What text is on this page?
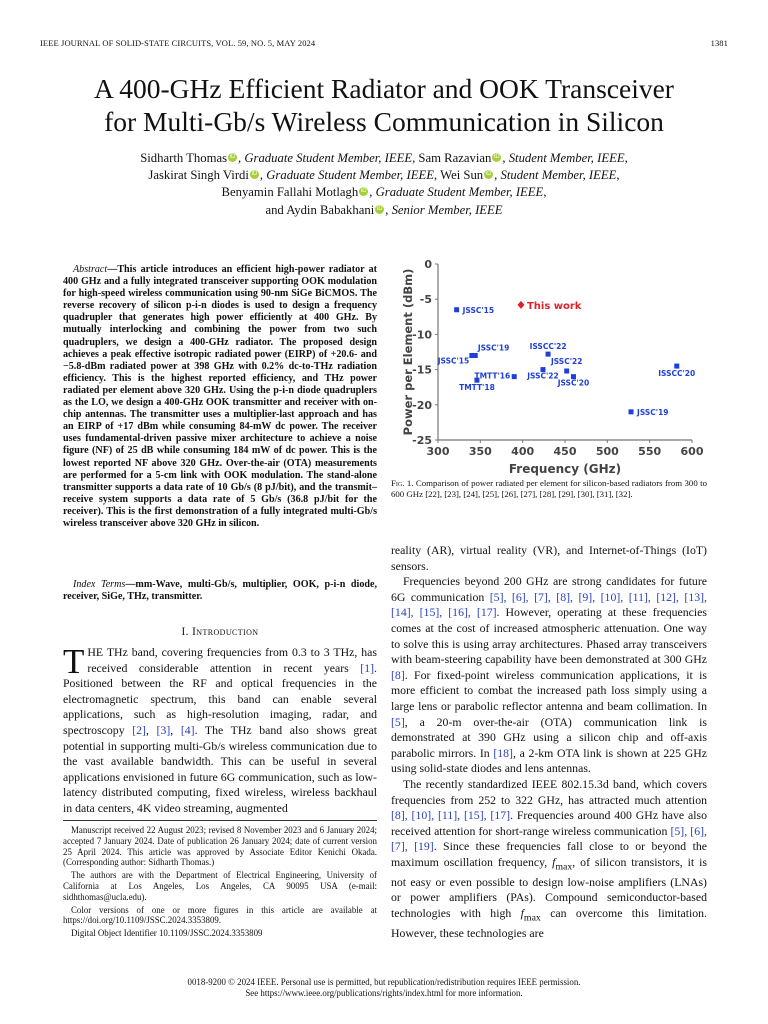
IEEE JOURNAL OF SOLID-STATE CIRCUITS, VOL. 59, NO. 5, MAY 2024	1381
A 400-GHz Efficient Radiator and OOK Transceiver
for Multi-Gb/s Wireless Communication in Silicon
Sidharth Thomas iD , Graduate Student Member, IEEE, Sam Razavian iD , Student Member, IEEE,
Jaskirat Singh Virdi iD , Graduate Student Member, IEEE, Wei Sun iD , Student Member, IEEE,
Benyamin Fallahi Motlagh iD , Graduate Student Member, IEEE,
and Aydin Babakhani iD , Senior Member, IEEE
Abstract—This article introduces an efficient high-power radiator at 400 GHz and a fully integrated transceiver supporting OOK modulation for high-speed wireless communication using 90-nm SiGe BiCMOS. The reverse recovery of silicon p-i-n diodes is used to design a frequency quadrupler that generates high power efficiently at 400 GHz. By mutually interlocking and combining the power from two such quadruplers, we design a 400-GHz radiator. The proposed design achieves a peak effective isotropic radiated power (EIRP) of +20.6- and −5.8-dBm radiated power at 398 GHz with 0.2% dc-to-THz radiation efficiency. This is the highest reported efficiency, and THz power radiated per element above 320 GHz. Using the p-i-n diode quadruplers as the LO, we design a 400-GHz OOK transmitter and receiver with on-chip antennas. The transmitter uses a multiplier-last approach and has an EIRP of +17 dBm while consuming 84-mW dc power. The receiver uses fundamental-driven passive mixer architecture to achieve a noise figure (NF) of 25 dB while consuming 184 mW of dc power. This is the lowest reported NF above 320 GHz. Over-the-air (OTA) measurements are performed for a 5-cm link with OOK modulation. The stand-alone transmitter supports a data rate of 10 Gb/s (8 pJ/bit), and the transmit–receive system supports a data rate of 5 Gb/s (36.8 pJ/bit for the receiver). This is the first demonstration of a fully integrated multi-Gb/s wireless transceiver above 320 GHz in silicon.
Index Terms—mm-Wave, multi-Gb/s, multiplier, OOK, p-i-n diode, receiver, SiGe, THz, transmitter.
I. Introduction
THE THz band, covering frequencies from 0.3 to 3 THz, has received considerable attention in recent years [1]. Positioned between the RF and optical frequencies in the electromagnetic spectrum, this band can enable several applications, such as high-resolution imaging, radar, and spectroscopy [2], [3], [4]. The THz band also shows great potential in supporting multi-Gb/s wireless communication due to the vast available bandwidth. This can be useful in several applications envisioned in future 6G communication, such as low-latency distributed computing, fixed wireless, wireless backhaul in data centers, 4K video streaming, augmented

Manuscript received 22 August 2023; revised 8 November 2023 and 6 January 2024; accepted 7 January 2024. Date of publication 26 January 2024; date of current version 25 April 2024. This article was approved by Associate Editor Kenichi Okada. (Corresponding author: Sidharth Thomas.)

The authors are with the Department of Electrical Engineering, University of California at Los Angeles, Los Angeles, CA 90095 USA (e-mail: sidhthomas@ucla.edu).

Color versions of one or more figures in this article are available at https://doi.org/10.1109/JSSC.2024.3353809.

Digital Object Identifier 10.1109/JSSC.2024.3353809

300 350 400 450 500 550 600
0
-5
-10
-15
-20
-25
Frequency (GHz)
Power per Element (dBm)	JSSC'15
JSSC'19
JSSC'15
TMTT'18
TMTT'16 JSSC'22
ISSCC'22
JSSC'22
JSSC'20
JSSC'19
ISSCC'20
This work
Fig. 1. Comparison of power radiated per element for silicon-based radiators from 300 to 600 GHz [22], [23], [24], [25], [26], [27], [28], [29], [30], [31], [32].

reality (AR), virtual reality (VR), and Internet-of-Things (IoT) sensors.

Frequencies beyond 200 GHz are strong candidates for future 6G communication [5], [6], [7], [8], [9], [10], [11], [12], [13], [14], [15], [16], [17]. However, operating at these frequencies comes at the cost of increased atmospheric attenuation. One way to solve this is using array architectures. Phased array transceivers with beam-steering capability have been demonstrated at 300 GHz [8]. For fixed-point wireless communication applications, it is more efficient to combat the increased path loss simply using a large lens or parabolic reflector antenna and beam collimation. In [5], a 20-m over-the-air (OTA) communication link is demonstrated at 390 GHz using a silicon chip and off-axis parabolic mirrors. In [18], a 2-km OTA link is shown at 225 GHz using solid-state diodes and lens antennas.

The recently standardized IEEE 802.15.3d band, which covers frequencies from 252 to 322 GHz, has attracted much attention [8], [10], [11], [15], [17]. Frequencies around 400 GHz have also received attention for short-range wireless communication [5], [6], [7], [19]. Since these frequencies fall close to or beyond the maximum oscillation frequency, $f_{max}$, of silicon transistors, it is not easy or even possible to design low-noise amplifiers (LNAs) or power amplifiers (PAs). Compound semiconductor-based technologies with high $f_{max}$ can overcome this limitation. However, these technologies are

0018-9200 © 2024 IEEE. Personal use is permitted, but republication/redistribution requires IEEE permission.
See https://www.ieee.org/publications/rights/index.html for more information.
